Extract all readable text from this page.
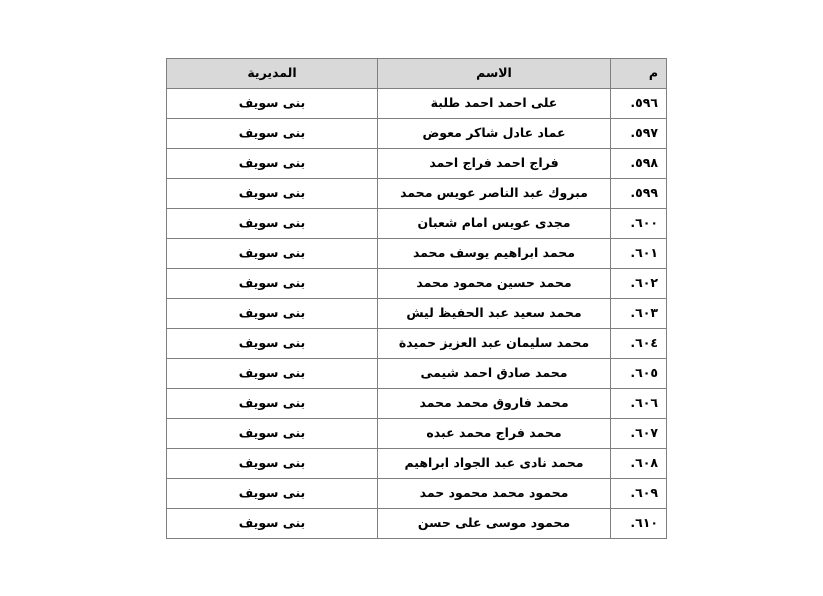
م	الاسم	المديرية
٥٩٦.	على احمد احمد طلبة	بنى سويف
٥٩٧.	عماد عادل شاكر معوض	بنى سويف
٥٩٨.	فراج احمد فراج احمد	بنى سويف
٥٩٩.	مبروك عبد الناصر عويس محمد	بنى سويف
٦٠٠.	مجدى عويس امام شعبان	بنى سويف
٦٠١.	محمد ابراهيم يوسف محمد	بنى سويف
٦٠٢.	محمد حسين محمود محمد	بنى سويف
٦٠٣.	محمد سعيد عبد الحفيظ ليش	بنى سويف
٦٠٤.	محمد سليمان عبد العزيز حميدة	بنى سويف
٦٠٥.	محمد صادق احمد شيمى	بنى سويف
٦٠٦.	محمد فاروق محمد محمد	بنى سويف
٦٠٧.	محمد فراج محمد عبده	بنى سويف
٦٠٨.	محمد نادى عبد الجواد ابراهيم	بنى سويف
٦٠٩.	محمود محمد محمود حمد	بنى سويف
٦١٠.	محمود موسى على حسن	بنى سويف
